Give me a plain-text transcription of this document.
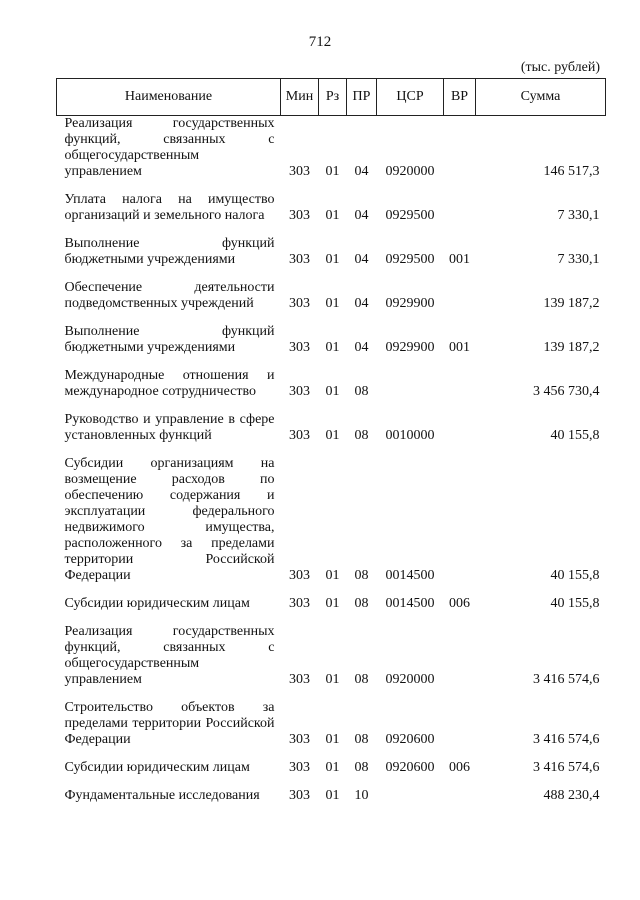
712
(тыс. рублей)
Наименование	Мин	Рз	ПР	ЦСР	ВР	Сумма
Реализация государственных функций, связанных с общегосударственным управлением	303	01	04	0920000		146 517,3
Уплата налога на имущество организаций и земельного налога	303	01	04	0929500		7 330,1
Выполнение функций бюджетными учреждениями	303	01	04	0929500	001	7 330,1
Обеспечение деятельности подведомственных учреждений	303	01	04	0929900		139 187,2
Выполнение функций бюджетными учреждениями	303	01	04	0929900	001	139 187,2
Международные отношения и международное сотрудничество	303	01	08			3 456 730,4
Руководство и управление в сфере установленных функций	303	01	08	0010000		40 155,8
Субсидии организациям на возмещение расходов по обеспечению содержания и эксплуатации федерального недвижимого имущества, расположенного за пределами территории Российской Федерации	303	01	08	0014500		40 155,8
Субсидии юридическим лицам	303	01	08	0014500	006	40 155,8
Реализация государственных функций, связанных с общегосударственным управлением	303	01	08	0920000		3 416 574,6
Строительство объектов за пределами территории Российской Федерации	303	01	08	0920600		3 416 574,6
Субсидии юридическим лицам	303	01	08	0920600	006	3 416 574,6
Фундаментальные исследования	303	01	10			488 230,4
